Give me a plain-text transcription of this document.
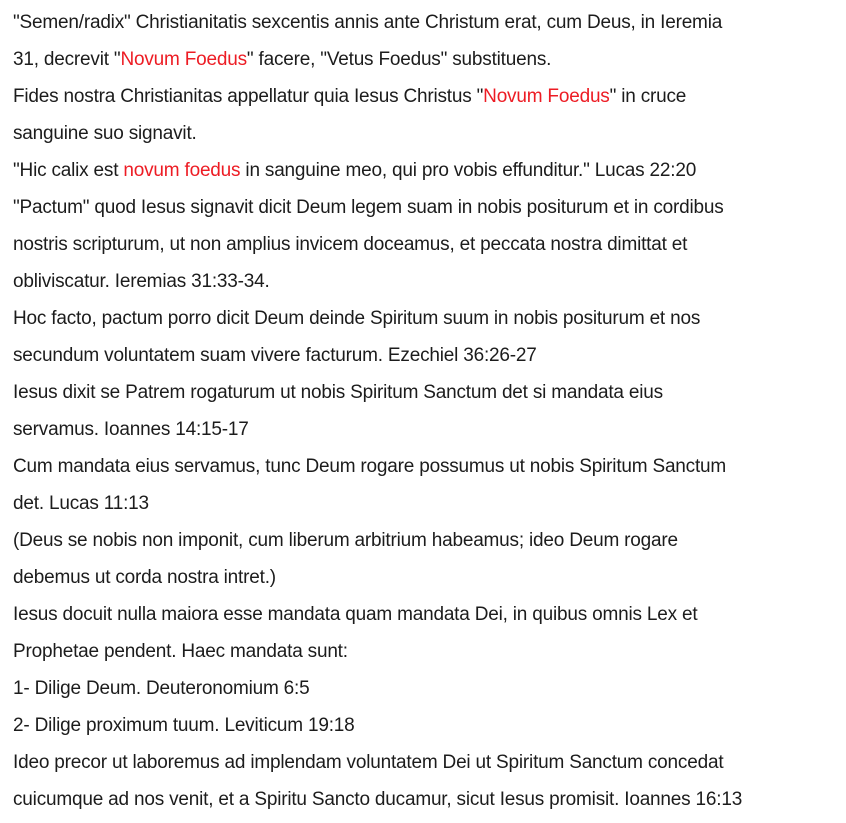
"Semen/radix" Christianitatis sexcentis annis ante Christum erat, cum Deus, in Ieremia
31, decrevit "Novum Foedus" facere, "Vetus Foedus" substituens.
Fides nostra Christianitas appellatur quia Iesus Christus "Novum Foedus" in cruce
sanguine suo signavit.
"Hic calix est novum foedus in sanguine meo, qui pro vobis effunditur." Lucas 22:20
"Pactum" quod Iesus signavit dicit Deum legem suam in nobis positurum et in cordibus
nostris scripturum, ut non amplius invicem doceamus, et peccata nostra dimittat et
obliviscatur. Ieremias 31:33-34.
Hoc facto, pactum porro dicit Deum deinde Spiritum suum in nobis positurum et nos
secundum voluntatem suam vivere facturum. Ezechiel 36:26-27
Iesus dixit se Patrem rogaturum ut nobis Spiritum Sanctum det si mandata eius
servamus. Ioannes 14:15-17
Cum mandata eius servamus, tunc Deum rogare possumus ut nobis Spiritum Sanctum
det. Lucas 11:13
(Deus se nobis non imponit, cum liberum arbitrium habeamus; ideo Deum rogare
debemus ut corda nostra intret.)
Iesus docuit nulla maiora esse mandata quam mandata Dei, in quibus omnis Lex et
Prophetae pendent. Haec mandata sunt:
1- Dilige Deum. Deuteronomium 6:5
2- Dilige proximum tuum. Leviticum 19:18
Ideo precor ut laboremus ad implendam voluntatem Dei ut Spiritum Sanctum concedat
cuicumque ad nos venit, et a Spiritu Sancto ducamur, sicut Iesus promisit. Ioannes 16:13
